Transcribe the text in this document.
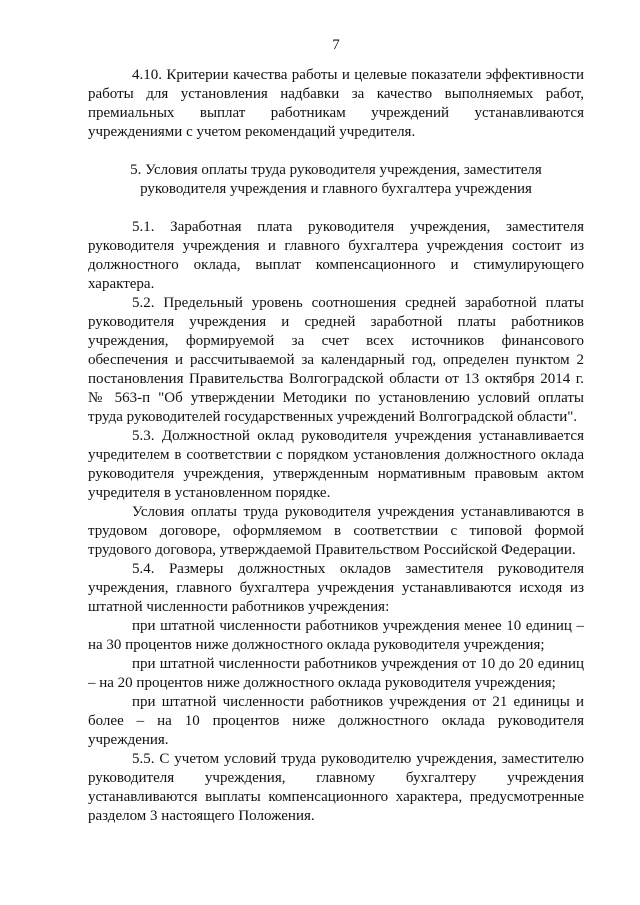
7

4.10. Критерии качества работы и целевые показатели эффективности работы для установления надбавки за качество выполняемых работ, премиальных выплат работникам учреждений устанавливаются учреждениями с учетом рекомендаций учредителя.

5. Условия оплаты труда руководителя учреждения, заместителя
руководителя учреждения и главного бухгалтера учреждения

5.1. Заработная плата руководителя учреждения, заместителя руководителя учреждения и главного бухгалтера учреждения состоит из должностного оклада, выплат компенсационного и стимулирующего характера.

5.2. Предельный уровень соотношения средней заработной платы руководителя учреждения и средней заработной платы работников учреждения, формируемой за счет всех источников финансового обеспечения и рассчитываемой за календарный год, определен пунктом 2 постановления Правительства Волгоградской области от 13 октября 2014 г. № 563-п "Об утверждении Методики по установлению условий оплаты труда руководителей государственных учреждений Волгоградской области".

5.3. Должностной оклад руководителя учреждения устанавливается учредителем в соответствии с порядком установления должностного оклада руководителя учреждения, утвержденным нормативным правовым актом учредителя в установленном порядке.

Условия оплаты труда руководителя учреждения устанавливаются в трудовом договоре, оформляемом в соответствии с типовой формой трудового договора, утверждаемой Правительством Российской Федерации.

5.4. Размеры должностных окладов заместителя руководителя учреждения, главного бухгалтера учреждения устанавливаются исходя из штатной численности работников учреждения:

при штатной численности работников учреждения менее 10 единиц – на 30 процентов ниже должностного оклада руководителя учреждения;

при штатной численности работников учреждения от 10 до 20 единиц – на 20 процентов ниже должностного оклада руководителя учреждения;

при штатной численности работников учреждения от 21 единицы и более – на 10 процентов ниже должностного оклада руководителя учреждения.

5.5. С учетом условий труда руководителю учреждения, заместителю руководителя учреждения, главному бухгалтеру учреждения устанавливаются выплаты компенсационного характера, предусмотренные разделом 3 настоящего Положения.
